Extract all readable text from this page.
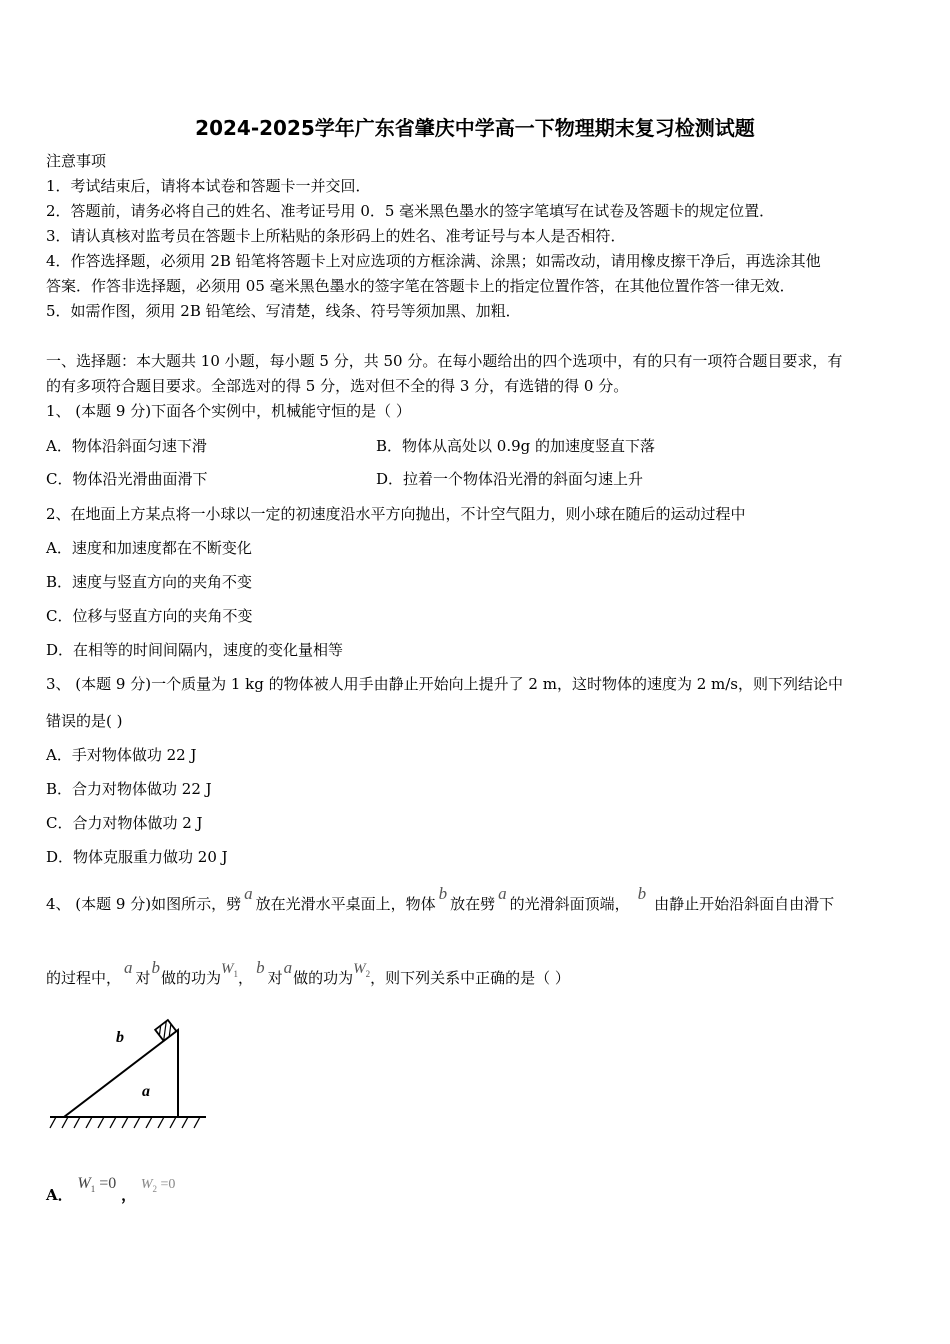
2024-2025学年广东省肇庆中学高一下物理期末复习检测试题
注意事项
1．考试结束后，请将本试卷和答题卡一并交回．
2．答题前，请务必将自己的姓名、准考证号用 0．5 毫米黑色墨水的签字笔填写在试卷及答题卡的规定位置．
3．请认真核对监考员在答题卡上所粘贴的条形码上的姓名、准考证号与本人是否相符．
4．作答选择题，必须用 2B 铅笔将答题卡上对应选项的方框涂满、涂黑；如需改动，请用橡皮擦干净后，再选涂其他
答案．作答非选择题，必须用 05 毫米黑色墨水的签字笔在答题卡上的指定位置作答，在其他位置作答一律无效．
5．如需作图，须用 2B 铅笔绘、写清楚，线条、符号等须加黑、加粗．
一、选择题：本大题共 10 小题，每小题 5 分，共 50 分。在每小题给出的四个选项中，有的只有一项符合题目要求，有
的有多项符合题目要求。全部选对的得 5 分，选对但不全的得 3 分，有选错的得 0 分。
1、 (本题 9 分)下面各个实例中，机械能守恒的是（ ）
A．物体沿斜面匀速下滑	B．物体从高处以 0.9g 的加速度竖直下落
C．物体沿光滑曲面滑下	D．拉着一个物体沿光滑的斜面匀速上升
2、在地面上方某点将一小球以一定的初速度沿水平方向抛出，不计空气阻力，则小球在随后的运动过程中
A．速度和加速度都在不断变化
B．速度与竖直方向的夹角不变
C．位移与竖直方向的夹角不变
D．在相等的时间间隔内，速度的变化量相等
3、 (本题 9 分)一个质量为 1 kg 的物体被人用手由静止开始向上提升了 2 m，这时物体的速度为 2 m/s，则下列结论中
错误的是( )
A．手对物体做功 22 J
B．合力对物体做功 22 J
C．合力对物体做功 2 J
D．物体克服重力做功 20 J
4、 (本题 9 分)如图所示，劈a放在光滑水平桌面上，物体b放在劈a的光滑斜面顶端，b由静止开始沿斜面自由滑下
的过程中，a对b做的功为$W_1$，b对a做的功为$W_2$，则下列关系中正确的是（ ）
b
a
A． $W_1 =0$ ， $W_2 =0$
